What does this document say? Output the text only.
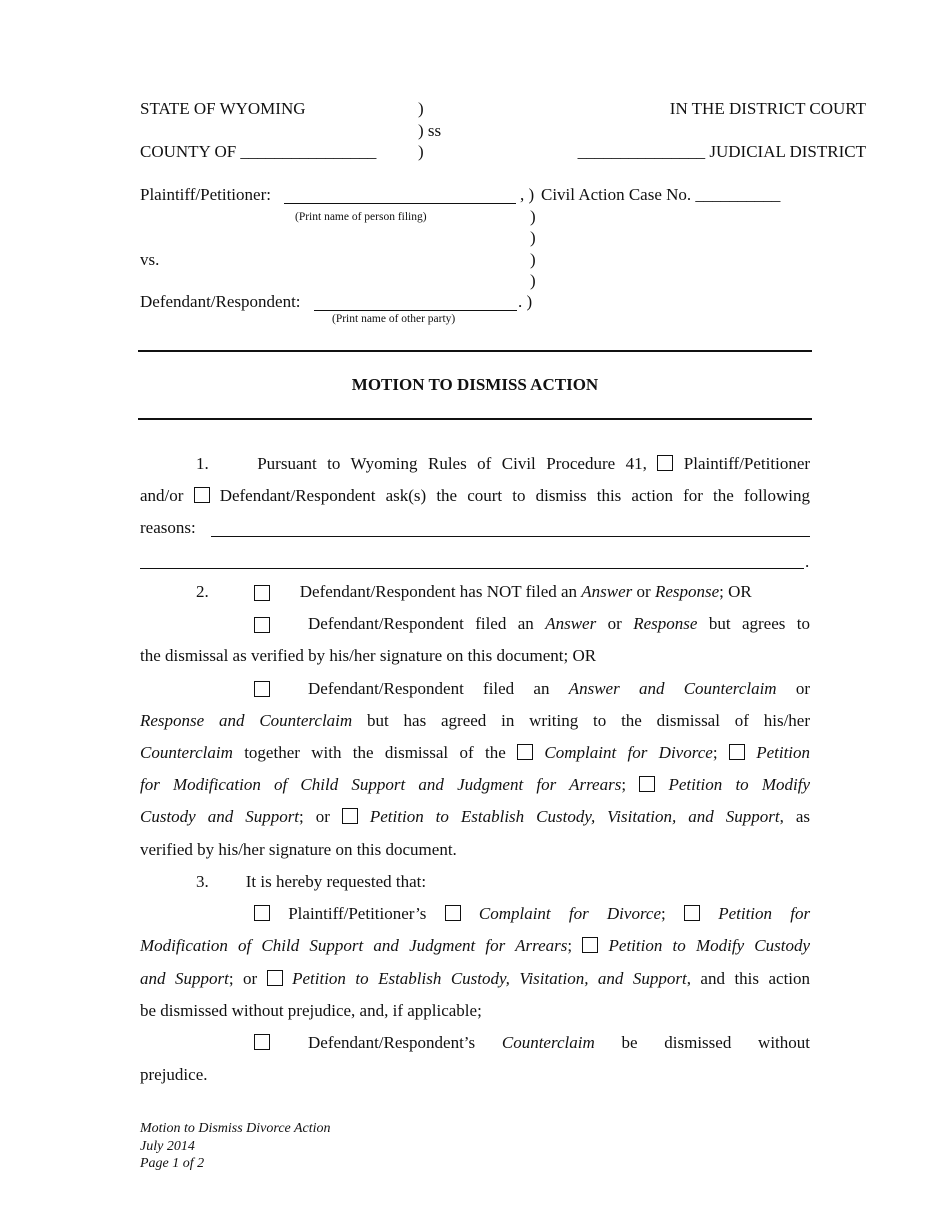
STATE OF WYOMING	)
) ss
IN THE DISTRICT COURT
COUNTY OF ________________ )	_______________ JUDICIAL DISTRICT
Plaintiff/Petitioner:	, ) Civil Action Case No. __________
(Print name of person filing)	)
)
vs.	)
)
Defendant/Respondent:	. )
(Print name of other party)
MOTION TO DISMISS ACTION
1.	Pursuant to Wyoming Rules of Civil Procedure 41, Plaintiff/Petitioner
and/or Defendant/Respondent ask(s) the court to dismiss this action for the following
reasons:
.
2.	Defendant/Respondent has NOT filed an Answer or Response; OR
Defendant/Respondent filed an Answer or Response but agrees to
the dismissal as verified by his/her signature on this document; OR
Defendant/Respondent filed an Answer and Counterclaim or
Response and Counterclaim but has agreed in writing to the dismissal of his/her
Counterclaim together with the dismissal of the Complaint for Divorce; Petition
for Modification of Child Support and Judgment for Arrears; Petition to Modify
Custody and Support; or Petition to Establish Custody, Visitation, and Support, as
verified by his/her signature on this document.
3. It is hereby requested that:
Plaintiff/Petitioner’s	Complaint for Divorce;	Petition for
Modification of Child Support and Judgment for Arrears; Petition to Modify Custody
and Support; or Petition to Establish Custody, Visitation, and Support, and this action
be dismissed without prejudice, and, if applicable;
Defendant/Respondent’s Counterclaim be dismissed without
prejudice.
Motion to Dismiss Divorce Action
July 2014
Page 1 of 2
